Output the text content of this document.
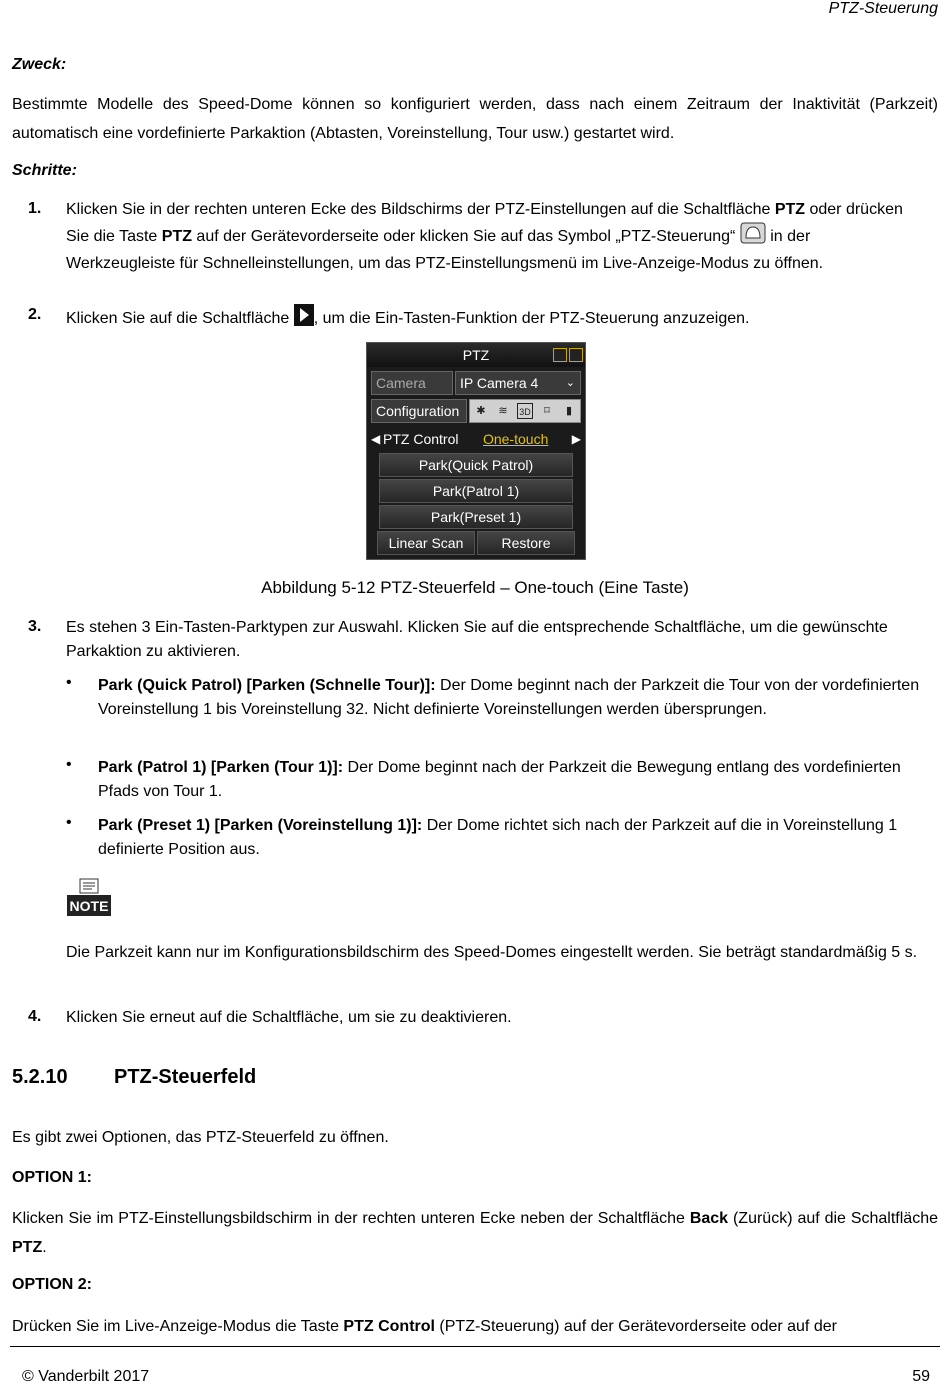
PTZ-Steuerung
Zweck:
Bestimmte Modelle des Speed-Dome können so konfiguriert werden, dass nach einem Zeitraum der Inaktivität (Parkzeit) automatisch eine vordefinierte Parkaktion (Abtasten, Voreinstellung, Tour usw.) gestartet wird.
Schritte:
1. Klicken Sie in der rechten unteren Ecke des Bildschirms der PTZ-Einstellungen auf die Schaltfläche PTZ oder drücken Sie die Taste PTZ auf der Gerätevorderseite oder klicken Sie auf das Symbol „PTZ-Steuerung“  in der Werkzeugleiste für Schnelleinstellungen, um das PTZ-Einstellungsmenü im Live-Anzeige-Modus zu öffnen.
2. Klicken Sie auf die Schaltfläche , um die Ein-Tasten-Funktion der PTZ-Steuerung anzuzeigen.
PTZ
Camera	IP Camera 4 ⌄
Configuration	✱	≋	3D	⌑	▮
◀ PTZ Control One-touch ▶
Park(Quick Patrol)
Park(Patrol 1)
Park(Preset 1)
Linear Scan	Restore
Abbildung 5-12 PTZ-Steuerfeld – One-touch (Eine Taste)
3. Es stehen 3 Ein-Tasten-Parktypen zur Auswahl. Klicken Sie auf die entsprechende Schaltfläche, um die gewünschte Parkaktion zu aktivieren.
• Park (Quick Patrol) [Parken (Schnelle Tour)]: Der Dome beginnt nach der Parkzeit die Tour von der vordefinierten Voreinstellung 1 bis Voreinstellung 32. Nicht definierte Voreinstellungen werden übersprungen.
• Park (Patrol 1) [Parken (Tour 1)]: Der Dome beginnt nach der Parkzeit die Bewegung entlang des vordefinierten Pfads von Tour 1.
• Park (Preset 1) [Parken (Voreinstellung 1)]: Der Dome richtet sich nach der Parkzeit auf die in Voreinstellung 1 definierte Position aus.
NOTE
Die Parkzeit kann nur im Konfigurationsbildschirm des Speed-Domes eingestellt werden. Sie beträgt standardmäßig 5 s.
4. Klicken Sie erneut auf die Schaltfläche, um sie zu deaktivieren.
5.2.10 PTZ-Steuerfeld
Es gibt zwei Optionen, das PTZ-Steuerfeld zu öffnen.
OPTION 1:
Klicken Sie im PTZ-Einstellungsbildschirm in der rechten unteren Ecke neben der Schaltfläche Back (Zurück) auf die Schaltfläche PTZ.
OPTION 2:
Drücken Sie im Live-Anzeige-Modus die Taste PTZ Control (PTZ-Steuerung) auf der Gerätevorderseite oder auf der
© Vanderbilt 2017	59
